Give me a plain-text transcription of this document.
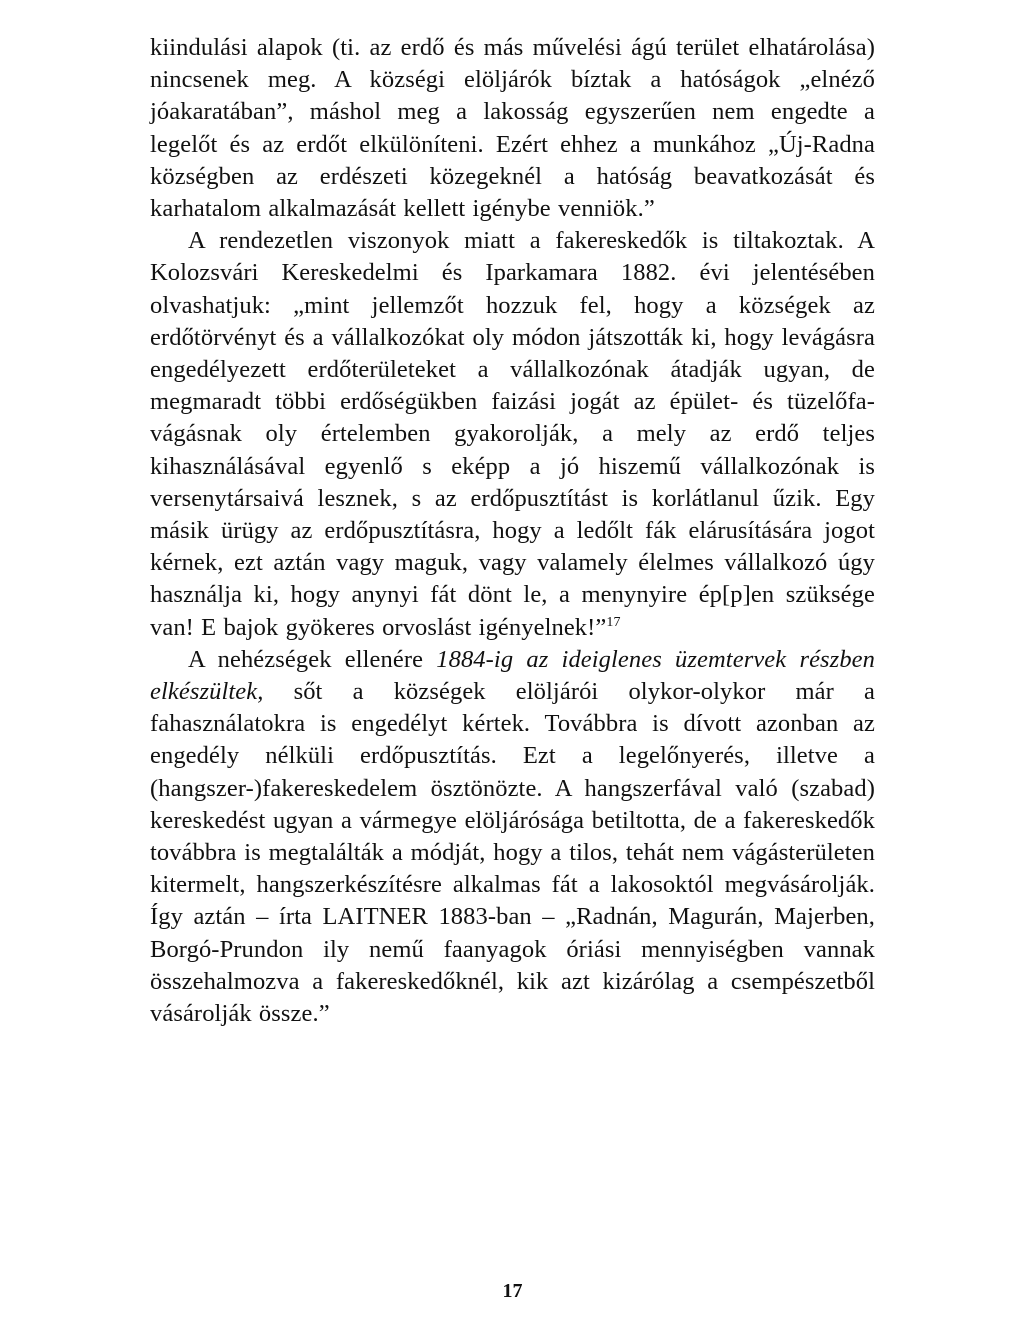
kiindulási alapok (ti. az erdő és más művelési ágú terület elhatárolása) nincsenek meg. A községi elöljárók bíztak a hatóságok „elnéző jóakaratában”, máshol meg a lakosság egyszerűen nem engedte a legelőt és az erdőt elkülöníteni. Ezért ehhez a munkához „Új-Radna községben az erdészeti közegeknél a hatóság beavatkozását és karhatalom alkalmazását kellett igénybe venniök.”

A rendezetlen viszonyok miatt a fakereskedők is tiltakoztak. A Kolozsvári Kereskedelmi és Iparkamara 1882. évi jelentésében olvashatjuk: „mint jellemzőt hozzuk fel, hogy a községek az erdőtörvényt és a vállalkozókat oly módon játszották ki, hogy levágásra engedélyezett erdőterületeket a vállalkozónak átadják ugyan, de megmaradt többi erdőségükben faizási jogát az épület- és tüzelőfa-vágásnak oly értelemben gyakorolják, a mely az erdő teljes kihasználásával egyenlő s eképp a jó hiszemű vállalkozónak is versenytársaivá lesznek, s az erdőpusztítást is korlátlanul űzik. Egy másik ürügy az erdőpusztításra, hogy a ledőlt fák elárusítására jogot kérnek, ezt aztán vagy maguk, vagy valamely élelmes vállalkozó úgy használja ki, hogy anynyi fát dönt le, a menynyire ép[p]en szüksége van! E bajok gyökeres orvoslást igényelnek!”$^{17}$

A nehézségek ellenére 1884-ig az ideiglenes üzemtervek részben elkészültek, sőt a községek elöljárói olykor-olykor már a fahasználatokra is engedélyt kértek. Továbbra is dívott azonban az engedély nélküli erdőpusztítás. Ezt a legelőnyerés, illetve a (hangszer-)fakereskedelem ösztönözte. A hangszerfával való (szabad) kereskedést ugyan a vármegye elöljárósága betiltotta, de a fakereskedők továbbra is megtalálták a módját, hogy a tilos, tehát nem vágásterületen kitermelt, hangszerkészítésre alkalmas fát a lakosoktól megvásárolják. Így aztán – írta LAITNER 1883-ban – „Radnán, Magurán, Majerben, Borgó-Prundon ily nemű faanyagok óriási mennyiségben vannak összehalmozva a fakereskedőknél, kik azt kizárólag a csempészetből vásárolják össze.”

17
